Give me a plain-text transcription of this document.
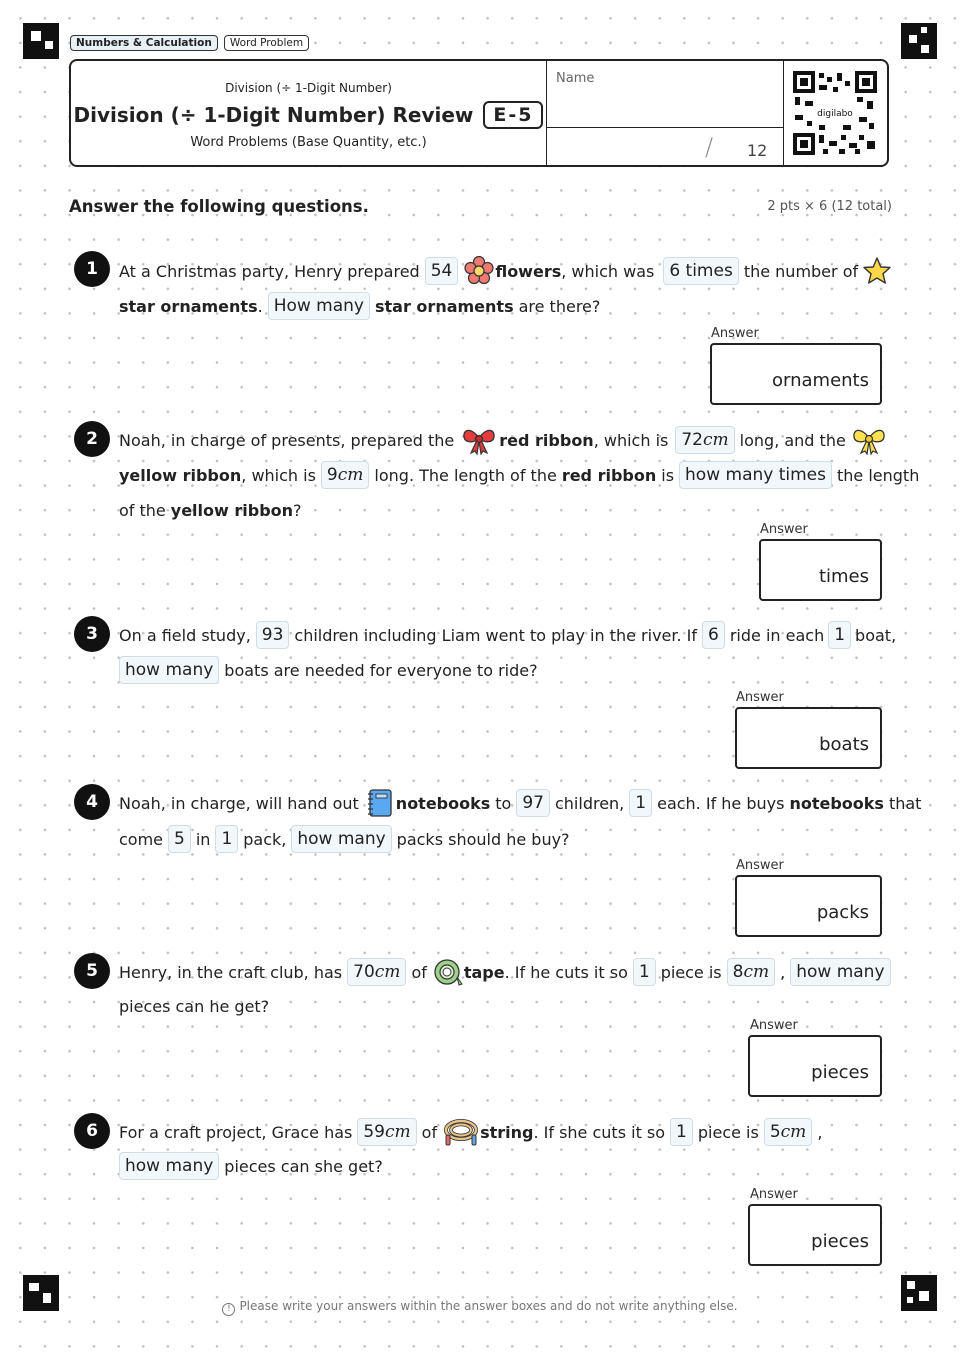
Numbers & Calculation	Word Problem
Division (÷ 1-Digit Number)
Division (÷ 1-Digit Number) Review	E-5
Word Problems (Base Quantity, etc.)
Name
/ 12
digilabo
Answer the following questions.	2 pts × 6 (12 total)
1	At a Christmas party, Henry prepared 54	flowers , which was 6 times the number of
star ornaments . How many star ornaments are there?
Answer
ornaments
2	Noah, in charge of presents, prepared the	red ribbon , which is 72cm long, and the
yellow ribbon , which is 9cm long. The length of the red ribbon is how many times the length
of the yellow ribbon ?
Answer
times
3	On a field study, 93 children including Liam went to play in the river. If 6 ride in each 1 boat,
how many boats are needed for everyone to ride?
Answer
boats
4	Noah, in charge, will hand out notebooks to 97 children, 1 each. If he buys notebooks that
come 5 in 1 pack, how many packs should he buy?
Answer
packs
5	Henry, in the craft club, has 70cm of tape . If he cuts it so 1 piece is 8cm , how many
pieces can he get?
Answer
pieces
6	For a craft project, Grace has 59cm of	string . If she cuts it so 1 piece is 5cm ,
how many pieces can she get?
Answer
pieces
! Please write your answers within the answer boxes and do not write anything else.
